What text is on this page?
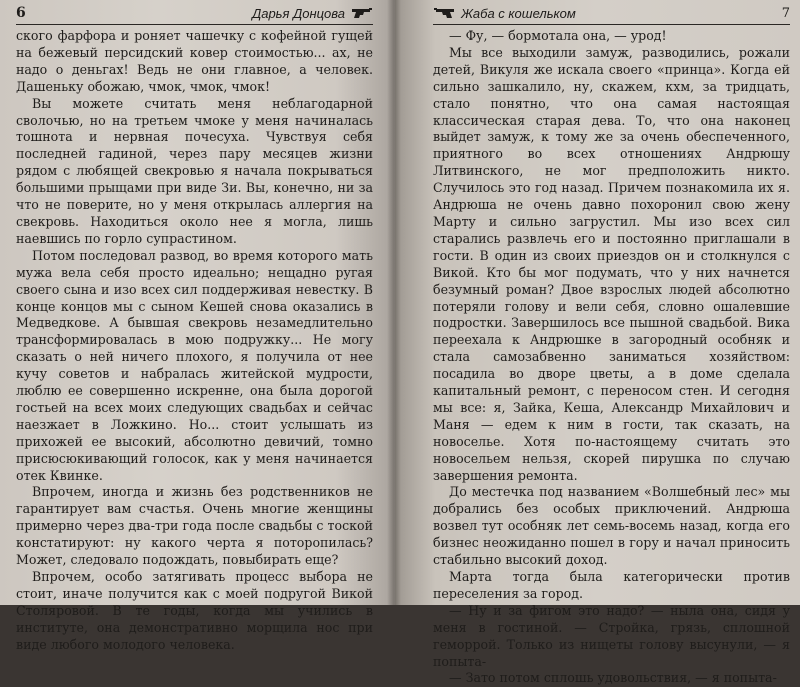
6	Дарья Донцова

ского фарфора и роняет чашечку с кофейной гущей на бежевый персидский ковер стоимостью... ах, не надо о деньгах! Ведь не они главное, а человек. Дашеньку обожаю, чмок, чмок, чмок!

Вы можете считать меня неблагодарной сволочью, но на третьем чмоке у меня начиналась тошнота и нервная почесуха. Чувствуя себя последней гадиной, через пару месяцев жизни рядом с любящей свекровью я начала покрываться большими прыщами при виде Зи. Вы, конечно, ни за что не поверите, но у меня открылась аллергия на свекровь. Находиться около нее я могла, лишь наевшись по горло супрастином.

Потом последовал развод, во время которого мать мужа вела себя просто идеально; нещадно ругая своего сына и изо всех сил поддерживая невестку. В конце концов мы с сыном Кешей снова оказались в Медведкове. А бывшая свекровь незамедлительно трансформировалась в мою подружку... Не могу сказать о ней ничего плохого, я получила от нее кучу советов и набралась житейской мудрости, люблю ее совершенно искренне, она была дорогой гостьей на всех моих следующих свадьбах и сейчас наезжает в Ложкино. Но... стоит услышать из прихожей ее высокий, абсолютно девичий, томно присюсюкивающий голосок, как у меня начинается отек Квинке.

Впрочем, иногда и жизнь без родственников не гарантирует вам счастья. Очень многие женщины примерно через два-три года после свадьбы с тоской констатируют: ну какого черта я поторопилась? Может, следовало подождать, повыбирать еще?

Впрочем, особо затягивать процесс выбора не стоит, иначе получится как с моей подругой Викой Столяровой. В те годы, когда мы учились в институте, она демонстративно морщила нос при виде любого молодого человека.

Жаба с кошельком	7

— Фу, — бормотала она, — урод!

Мы все выходили замуж, разводились, рожали детей, Викуля же искала своего «принца». Когда ей сильно зашкалило, ну, скажем, кхм, за тридцать, стало понятно, что она самая настоящая классическая старая дева. То, что она наконец выйдет замуж, к тому же за очень обеспеченного, приятного во всех отношениях Андрюшу Литвинского, не мог предположить никто. Случилось это год назад. Причем познакомила их я. Андрюша не очень давно похоронил свою жену Марту и сильно загрустил. Мы изо всех сил старались развлечь его и постоянно приглашали в гости. В один из своих приездов он и столкнулся с Викой. Кто бы мог подумать, что у них начнется безумный роман? Двое взрослых людей абсолютно потеряли голову и вели себя, словно ошалевшие подростки. Завершилось все пышной свадьбой. Вика переехала к Андрюшке в загородный особняк и стала самозабвенно заниматься хозяйством: посадила во дворе цветы, а в доме сделала капитальный ремонт, с переносом стен. И сегодня мы все: я, Зайка, Кеша, Александр Михайлович и Маня — едем к ним в гости, так сказать, на новоселье. Хотя по-настоящему считать это новосельем нельзя, скорей пирушка по случаю завершения ремонта.

До местечка под названием «Волшебный лес» мы добрались без особых приключений. Андрюша возвел тут особняк лет семь-восемь назад, когда его бизнес неожиданно пошел в гору и начал приносить стабильно высокий доход.

Марта тогда была категорически против переселения за город.

— Ну и за фигом это надо? — ныла она, сидя у меня в гостиной. — Стройка, грязь, сплошной геморрой. Только из нищеты голову высунули, — я попыта-

— Зато потом сплошь удовольствия, — я попыта-
